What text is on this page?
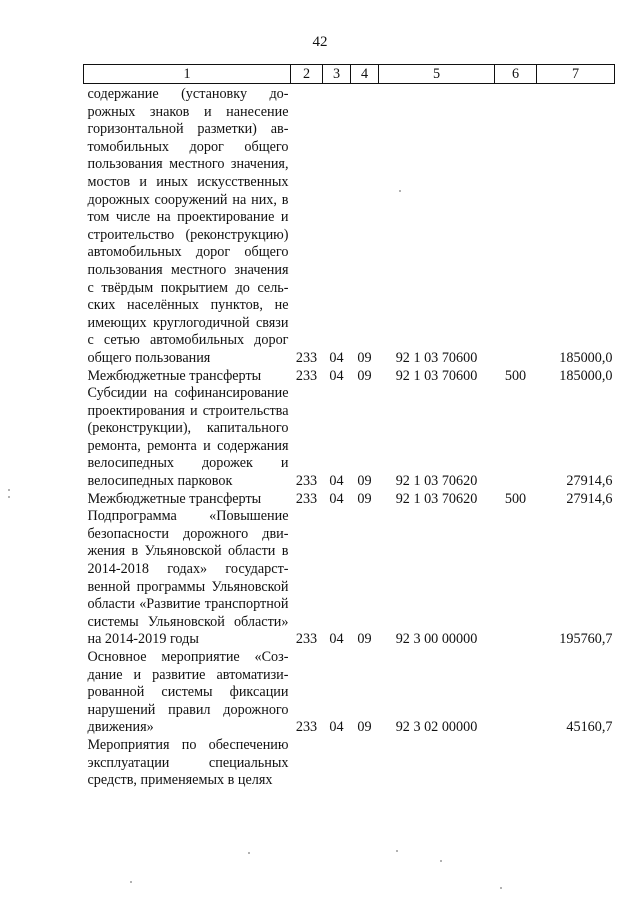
42
1	2	3	4	5	6	7
содержание (установку дорожных знаков и нанесение горизонтальной разметки) автомобильных дорог общего пользования местного значения, мостов и иных искусственных дорожных сооружений на них, в том числе на проектирование и строительство (реконструкцию) автомобильных дорог общего пользования местного значения с твёрдым покрытием до сельских населённых пунктов, не имеющих круглогодичной связи с сетью автомобильных дорог общего пользования	233	04	09	92 1 03 70600		185000,0
Межбюджетные трансферты	233	04	09	92 1 03 70600	500	185000,0
Субсидии на софинансирование проектирования и строительства (реконструкции), капитального ремонта, ремонта и содержания велосипедных дорожек и велосипедных парковок	233	04	09	92 1 03 70620		27914,6
Межбюджетные трансферты	233	04	09	92 1 03 70620	500	27914,6
Подпрограмма «Повышение безопасности дорожного движения в Ульяновской области в 2014-2018 годах» государственной программы Ульяновской области «Развитие транспортной системы Ульяновской области» на 2014-2019 годы	233	04	09	92 3 00 00000		195760,7
Основное мероприятие «Создание и развитие автоматизированной системы фиксации нарушений правил дорожного движения»	233	04	09	92 3 02 00000		45160,7
Мероприятия по обеспечению эксплуатации специальных средств, применяемых в целях						
